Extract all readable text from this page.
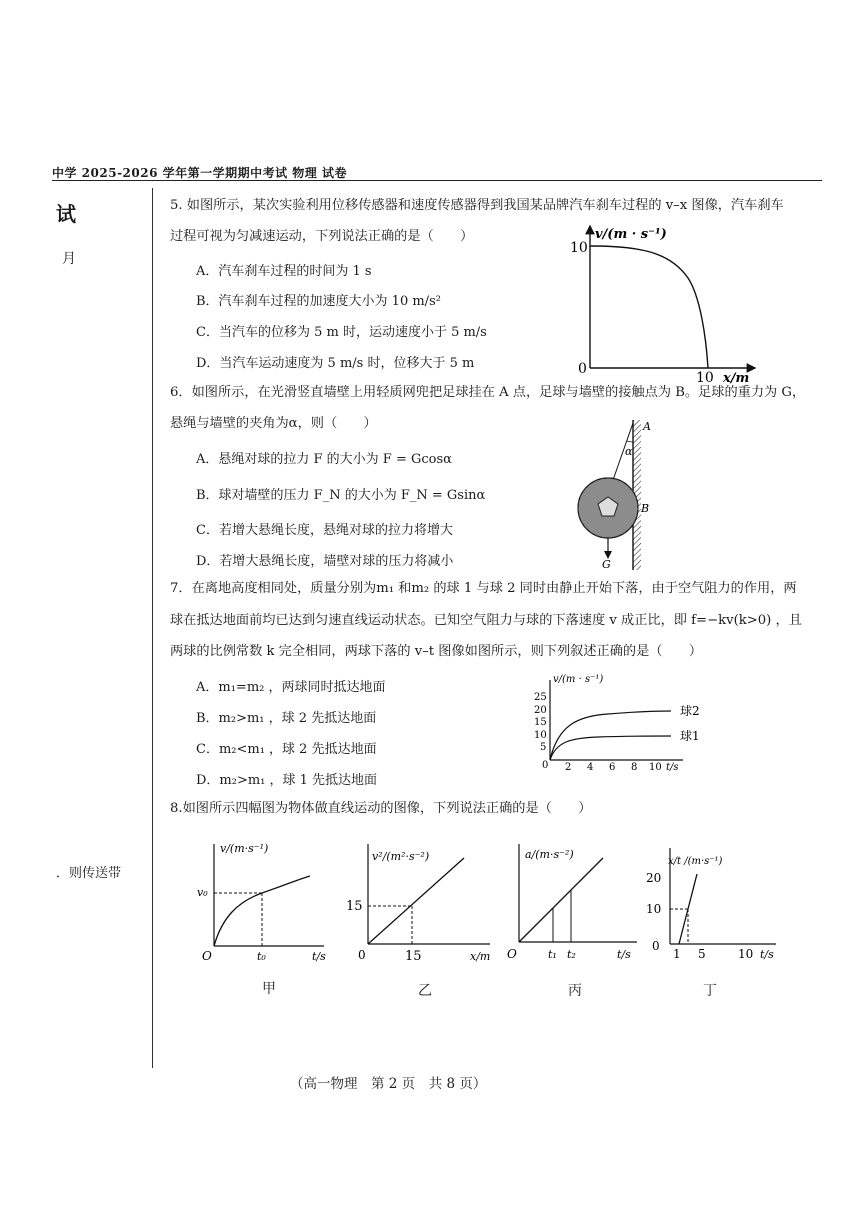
中学 2025-2026 学年第一学期期中考试 物理 试卷
试
月
．则传送带
5. 如图所示，某次实验利用位移传感器和速度传感器得到我国某品牌汽车刹车过程的 v–x 图像，汽车刹车
过程可视为匀减速运动，下列说法正确的是（　　）
A．汽车刹车过程的时间为 1 s
B．汽车刹车过程的加速度大小为 10 m/s²
C．当汽车的位移为 5 m 时，运动速度小于 5 m/s
D．当汽车运动速度为 5 m/s 时，位移大于 5 m
v/(m · s⁻¹)
10
0
10 x/m
6．如图所示，在光滑竖直墙壁上用轻质网兜把足球挂在 A 点，足球与墙壁的接触点为 B。足球的重力为 G，
悬绳与墙壁的夹角为α，则（　　）
A．悬绳对球的拉力 F 的大小为 F = Gcosα
B．球对墙壁的压力 F_N 的大小为 F_N = Gsinα
C．若增大悬绳长度，悬绳对球的拉力将增大
D．若增大悬绳长度，墙壁对球的压力将减小
A
α
B
G
7．在离地高度相同处，质量分别为m₁ 和m₂ 的球 1 与球 2 同时由静止开始下落，由于空气阻力的作用，两
球在抵达地面前均已达到匀速直线运动状态。已知空气阻力与球的下落速度 v 成正比，即 f=−kv(k>0) ，且
两球的比例常数 k 完全相同，两球下落的 v–t 图像如图所示，则下列叙述正确的是（　　）
A．m₁=m₂ ，两球同时抵达地面
B．m₂>m₁ ，球 2 先抵达地面
C．m₂<m₁ ，球 2 先抵达地面
D．m₂>m₁ ，球 1 先抵达地面
25
20
15
10
5
0 2 4 6 8 10 t/s
v/(m · s⁻¹)
球2
球1
8.如图所示四幅图为物体做直线运动的图像，下列说法正确的是（　　）
v/(m·s⁻¹)
v₀
O	t₀	t/s
甲
v²/(m²·s⁻²)
15
0	15	x/m
乙
a/(m·s⁻²)
O	t₁ t₂	t/s
丙
x/t /(m·s⁻¹)
20
10
0
1 5	10 t/s
丁
（高一物理　第 2 页　共 8 页）
